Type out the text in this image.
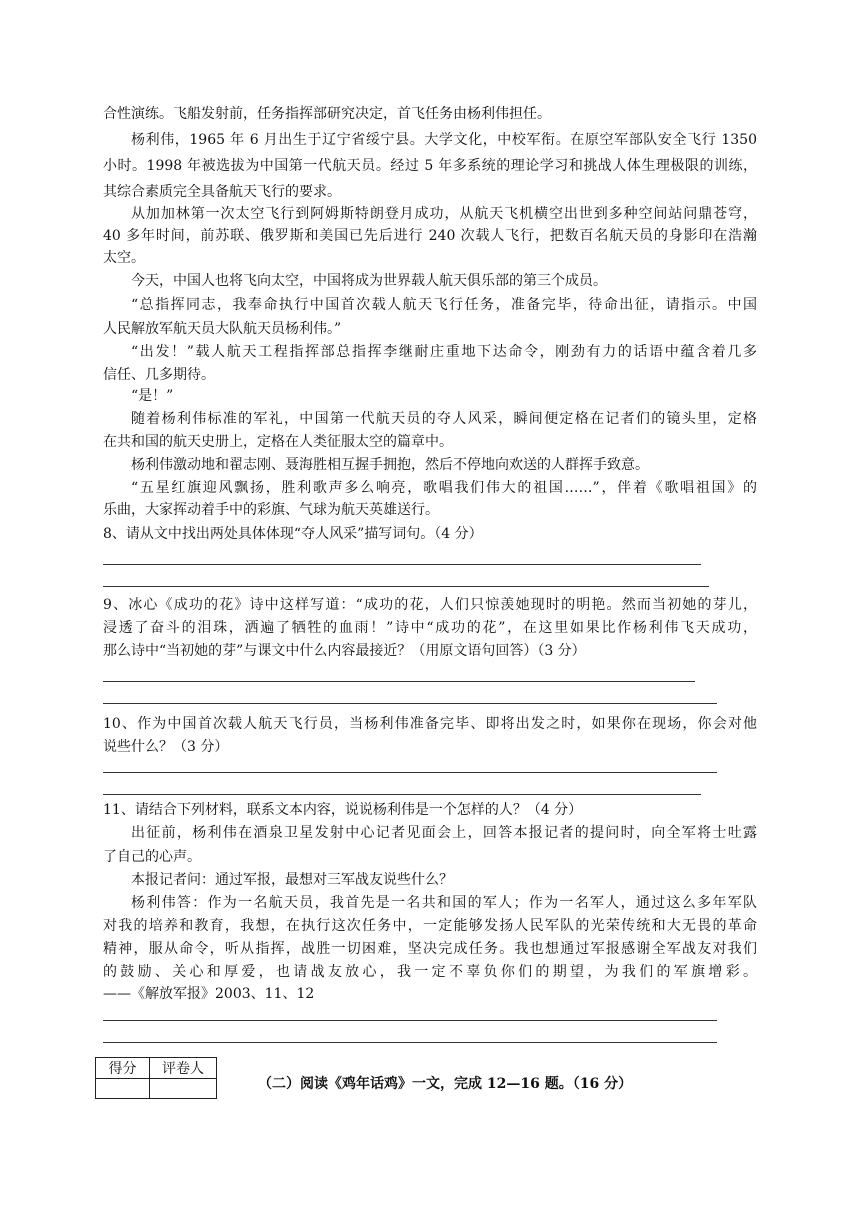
合性演练。飞船发射前，任务指挥部研究决定，首飞任务由杨利伟担任。
杨利伟，1965 年 6 月出生于辽宁省绥宁县。大学文化，中校军衔。在原空军部队安全飞行 1350
小时。1998 年被选拔为中国第一代航天员。经过 5 年多系统的理论学习和挑战人体生理极限的训练，
其综合素质完全具备航天飞行的要求。
从加加林第一次太空飞行到阿姆斯特朗登月成功，从航天飞机横空出世到多种空间站问鼎苍穹，
40 多年时间，前苏联、俄罗斯和美国已先后进行 240 次载人飞行，把数百名航天员的身影印在浩瀚
太空。
今天，中国人也将飞向太空，中国将成为世界载人航天俱乐部的第三个成员。
“总指挥同志，我奉命执行中国首次载人航天飞行任务，准备完毕，待命出征，请指示。中国
人民解放军航天员大队航天员杨利伟。”
“出发！”载人航天工程指挥部总指挥李继耐庄重地下达命令，刚劲有力的话语中蕴含着几多
信任、几多期待。
“是！”
随着杨利伟标准的军礼，中国第一代航天员的夺人风采，瞬间便定格在记者们的镜头里，定格
在共和国的航天史册上，定格在人类征服太空的篇章中。
杨利伟激动地和翟志刚、聂海胜相互握手拥抱，然后不停地向欢送的人群挥手致意。
“五星红旗迎风飘扬，胜利歌声多么响亮，歌唱我们伟大的祖国……”，伴着《歌唱祖国》的
乐曲，大家挥动着手中的彩旗、气球为航天英雄送行。
8、请从文中找出两处具体体现“夺人风采”描写词句。（4 分）
9、冰心《成功的花》诗中这样写道：“成功的花，人们只惊羡她现时的明艳。然而当初她的芽儿，
浸透了奋斗的泪珠，洒遍了牺牲的血雨！”诗中“成功的花”，在这里如果比作杨利伟飞天成功，
那么诗中“当初她的芽”与课文中什么内容最接近？（用原文语句回答）（3 分）
10、作为中国首次载人航天飞行员，当杨利伟准备完毕、即将出发之时，如果你在现场，你会对他
说些什么？（3 分）
11、请结合下列材料，联系文本内容，说说杨利伟是一个怎样的人？（4 分）
出征前，杨利伟在酒泉卫星发射中心记者见面会上，回答本报记者的提问时，向全军将士吐露
了自己的心声。
本报记者问：通过军报，最想对三军战友说些什么？
杨利伟答：作为一名航天员，我首先是一名共和国的军人；作为一名军人，通过这么多年军队
对我的培养和教育，我想，在执行这次任务中，一定能够发扬人民军队的光荣传统和大无畏的革命
精神，服从命令，听从指挥，战胜一切困难，坚决完成任务。我也想通过军报感谢全军战友对我们
的鼓励、关心和厚爱，也请战友放心，我一定不辜负你们的期望，为我们的军旗增彩。
——《解放军报》2003、11、12
得分	评卷人

（二）阅读《鸡年话鸡》一文，完成 12—16 题。（16 分）
